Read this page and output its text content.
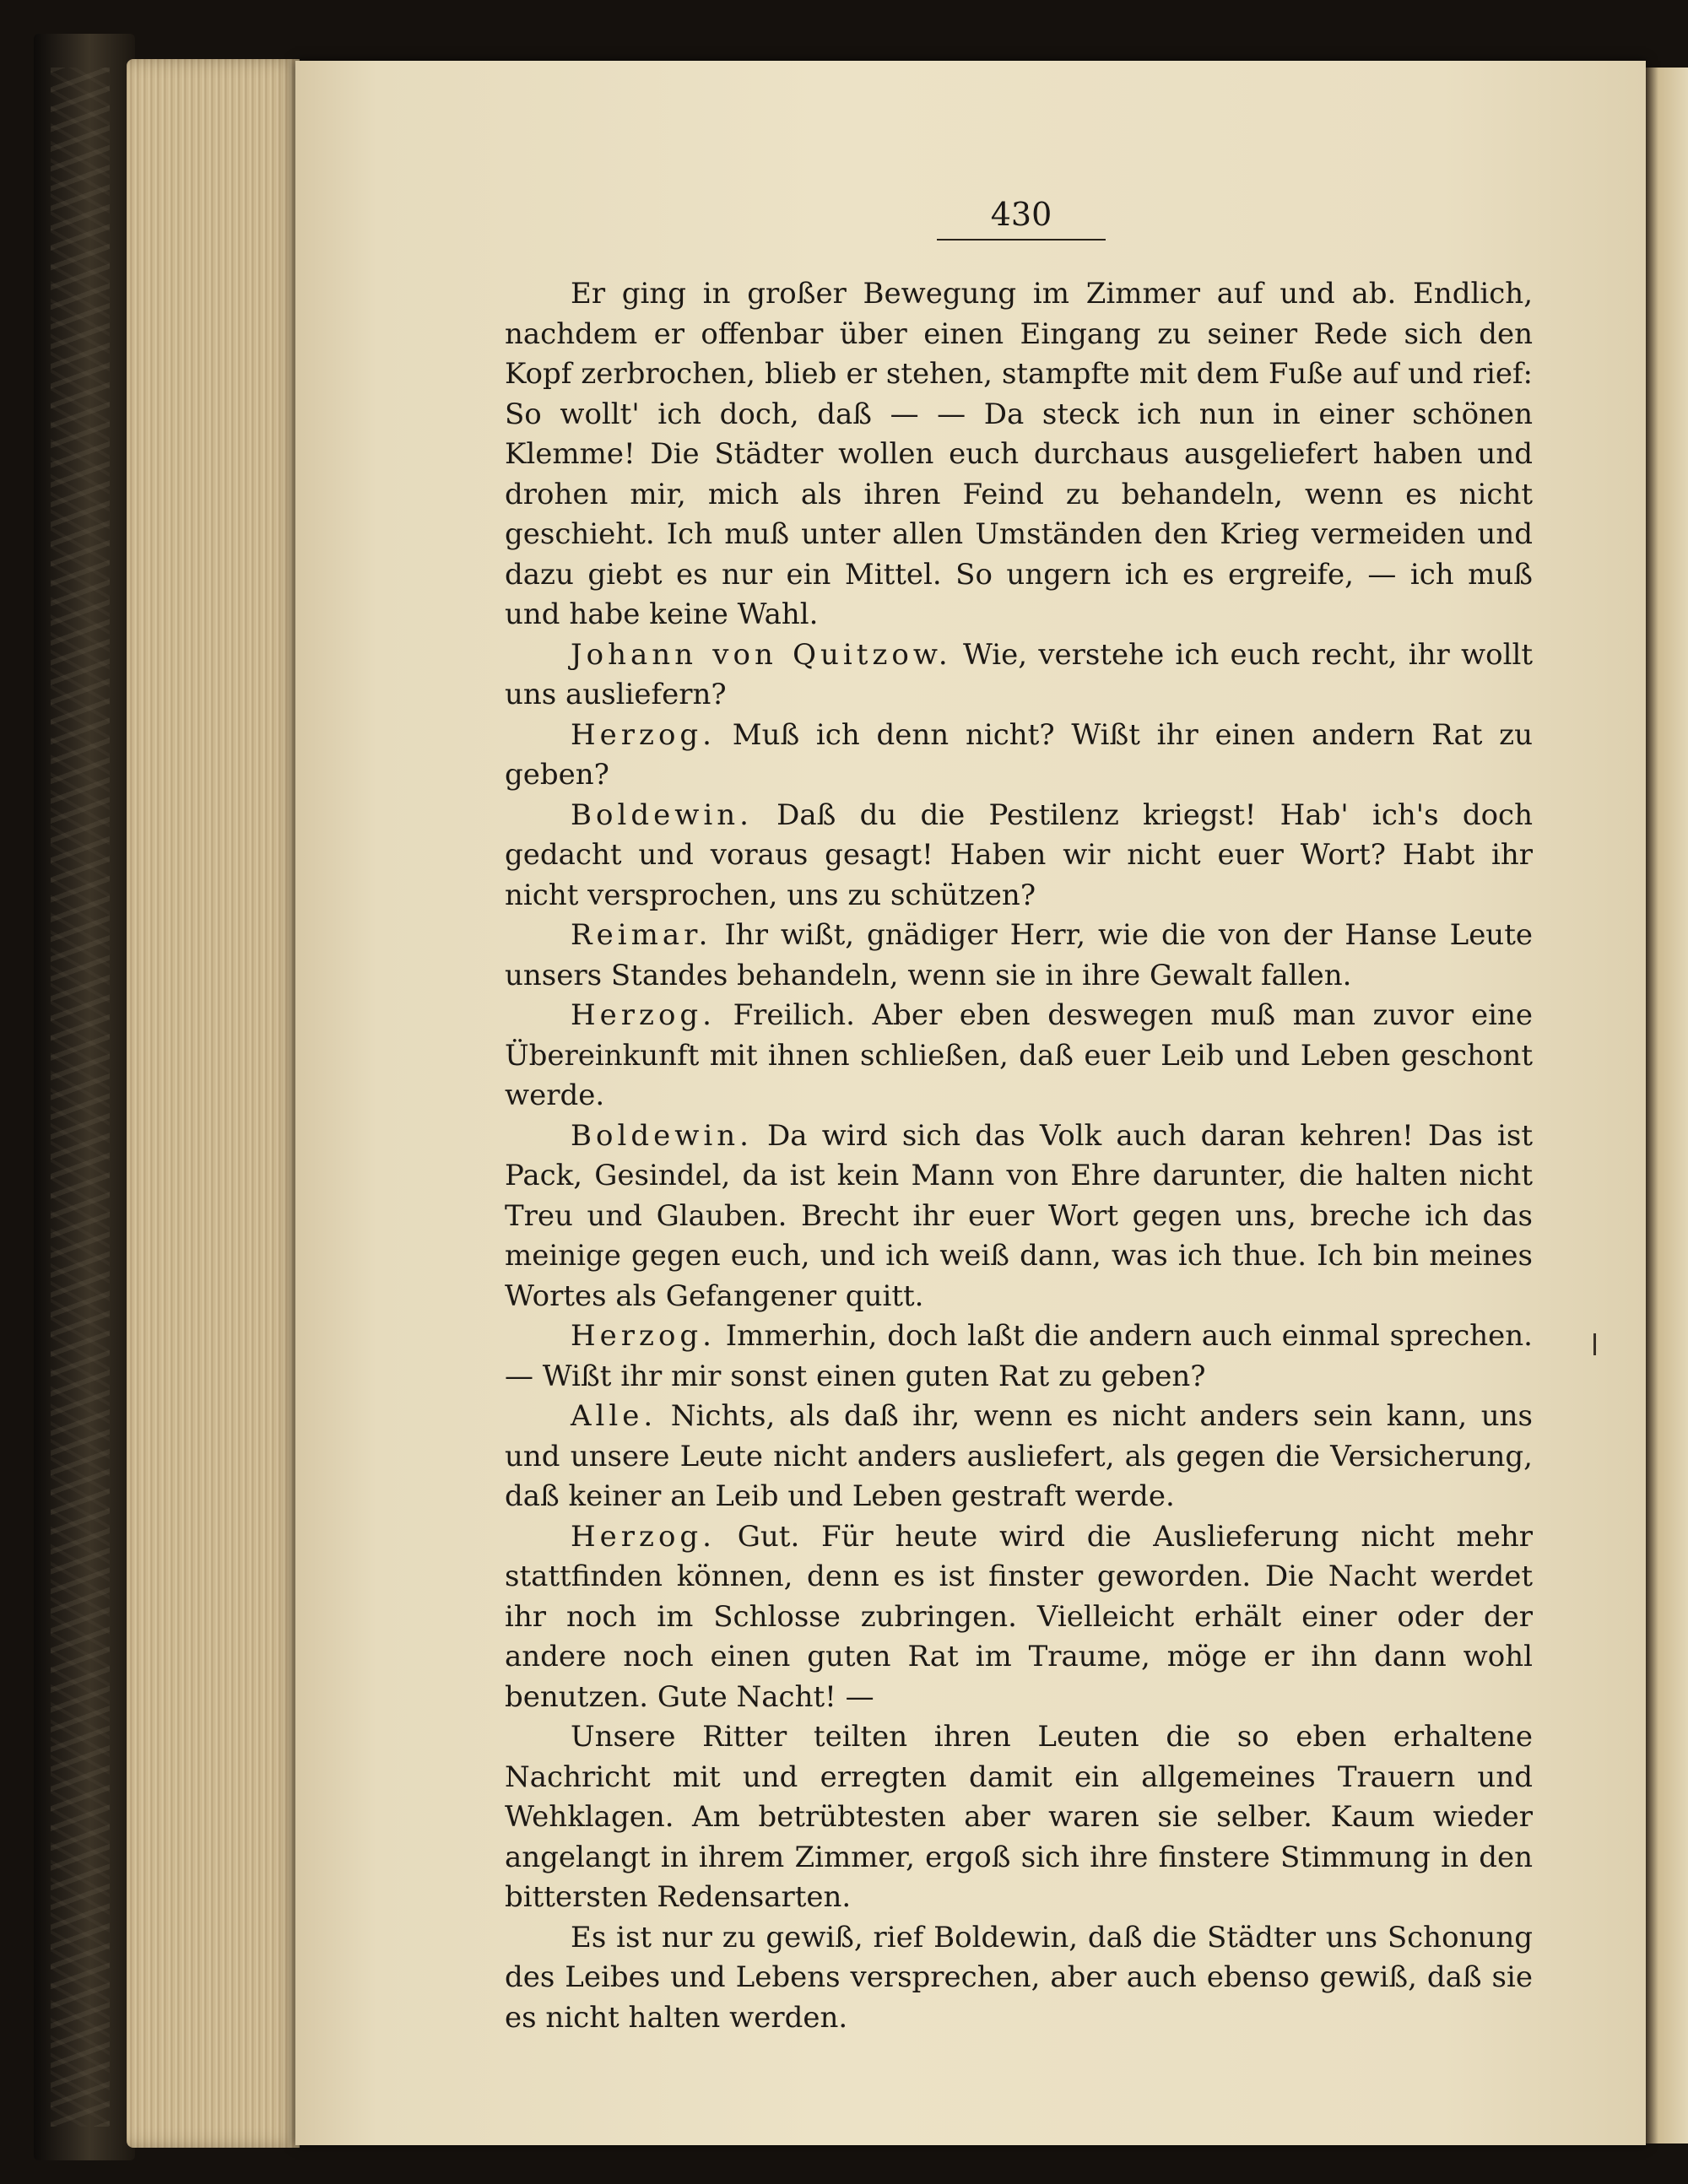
430

Er ging in großer Bewegung im Zimmer auf und ab. Endlich, nachdem er offenbar über einen Eingang zu seiner Rede sich den Kopf zerbrochen, blieb er stehen, stampfte mit dem Fuße auf und rief: So wollt' ich doch, daß — — Da steck ich nun in einer schönen Klemme! Die Städter wollen euch durchaus ausgeliefert haben und drohen mir, mich als ihren Feind zu behandeln, wenn es nicht geschieht. Ich muß unter allen Umständen den Krieg vermeiden und dazu giebt es nur ein Mittel. So ungern ich es ergreife, — ich muß und habe keine Wahl.

Johann von Quitzow. Wie, verstehe ich euch recht, ihr wollt uns ausliefern?

Herzog. Muß ich denn nicht? Wißt ihr einen andern Rat zu geben?

Boldewin. Daß du die Pestilenz kriegst! Hab' ich's doch gedacht und voraus gesagt! Haben wir nicht euer Wort? Habt ihr nicht versprochen, uns zu schützen?

Reimar. Ihr wißt, gnädiger Herr, wie die von der Hanse Leute unsers Standes behandeln, wenn sie in ihre Gewalt fallen.

Herzog. Freilich. Aber eben deswegen muß man zuvor eine Übereinkunft mit ihnen schließen, daß euer Leib und Leben geschont werde.

Boldewin. Da wird sich das Volk auch daran kehren! Das ist Pack, Gesindel, da ist kein Mann von Ehre darunter, die halten nicht Treu und Glauben. Brecht ihr euer Wort gegen uns, breche ich das meinige gegen euch, und ich weiß dann, was ich thue. Ich bin meines Wortes als Gefangener quitt.

Herzog. Immerhin, doch laßt die andern auch einmal sprechen. — Wißt ihr mir sonst einen guten Rat zu geben?

Alle. Nichts, als daß ihr, wenn es nicht anders sein kann, uns und unsere Leute nicht anders ausliefert, als gegen die Versicherung, daß keiner an Leib und Leben gestraft werde.

Herzog. Gut. Für heute wird die Auslieferung nicht mehr stattfinden können, denn es ist finster geworden. Die Nacht werdet ihr noch im Schlosse zubringen. Vielleicht erhält einer oder der andere noch einen guten Rat im Traume, möge er ihn dann wohl benutzen. Gute Nacht! —

Unsere Ritter teilten ihren Leuten die so eben erhaltene Nachricht mit und erregten damit ein allgemeines Trauern und Wehklagen. Am betrübtesten aber waren sie selber. Kaum wieder angelangt in ihrem Zimmer, ergoß sich ihre finstere Stimmung in den bittersten Redensarten.

Es ist nur zu gewiß, rief Boldewin, daß die Städter uns Schonung des Leibes und Lebens versprechen, aber auch ebenso gewiß, daß sie es nicht halten werden.
